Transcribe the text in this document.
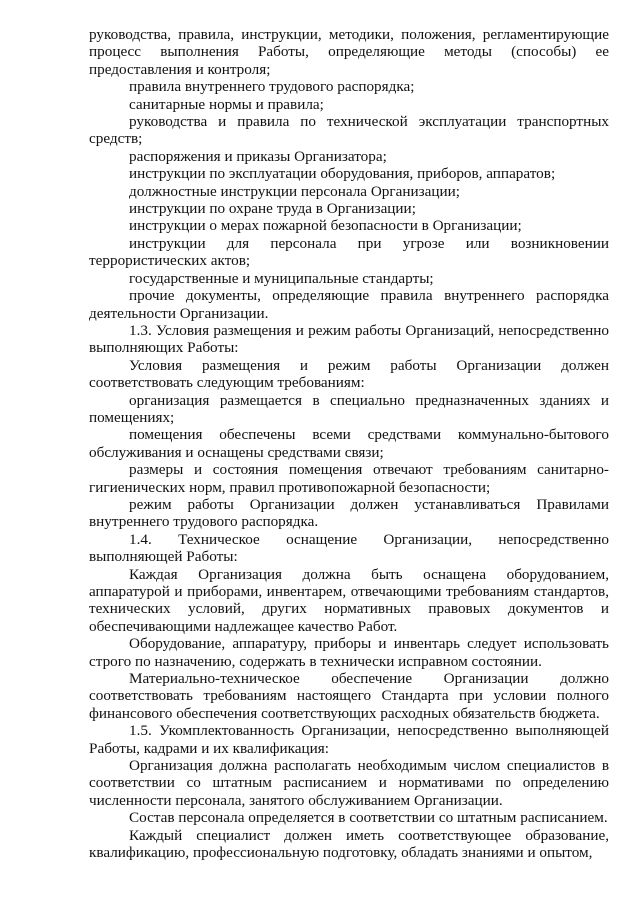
руководства, правила, инструкции, методики, положения, регламентирующие процесс выполнения Работы, определяющие методы (способы) ее предоставления и контроля;

правила внутреннего трудового распорядка;

санитарные нормы и правила;

руководства и правила по технической эксплуатации транспортных средств;

распоряжения и приказы Организатора;

инструкции по эксплуатации оборудования, приборов, аппаратов;

должностные инструкции персонала Организации;

инструкции по охране труда в Организации;

инструкции о мерах пожарной безопасности в Организации;

инструкции для персонала при угрозе или возникновении террористических актов;

государственные и муниципальные стандарты;

прочие документы, определяющие правила внутреннего распорядка деятельности Организации.

1.3. Условия размещения и режим работы Организаций, непосредственно выполняющих Работы:

Условия размещения и режим работы Организации должен соответствовать следующим требованиям:

организация размещается в специально предназначенных зданиях и помещениях;

помещения обеспечены всеми средствами коммунально-бытового обслуживания и оснащены средствами связи;

размеры и состояния помещения отвечают требованиям санитарно-гигиенических норм, правил противопожарной безопасности;

режим работы Организации должен устанавливаться Правилами внутреннего трудового распорядка.

1.4. Техническое оснащение Организации, непосредственно выполняющей Работы:

Каждая Организация должна быть оснащена оборудованием, аппаратурой и приборами, инвентарем, отвечающими требованиям стандартов, технических условий, других нормативных правовых документов и обеспечивающими надлежащее качество Работ.

Оборудование, аппаратуру, приборы и инвентарь следует использовать строго по назначению, содержать в технически исправном состоянии.

Материально-техническое обеспечение Организации должно соответствовать требованиям настоящего Стандарта при условии полного финансового обеспечения соответствующих расходных обязательств бюджета.

1.5. Укомплектованность Организации, непосредственно выполняющей Работы, кадрами и их квалификация:

Организация должна располагать необходимым числом специалистов в соответствии со штатным расписанием и нормативами по определению численности персонала, занятого обслуживанием Организации.

Состав персонала определяется в соответствии со штатным расписанием.

Каждый специалист должен иметь соответствующее образование, квалификацию, профессиональную подготовку, обладать знаниями и опытом,
